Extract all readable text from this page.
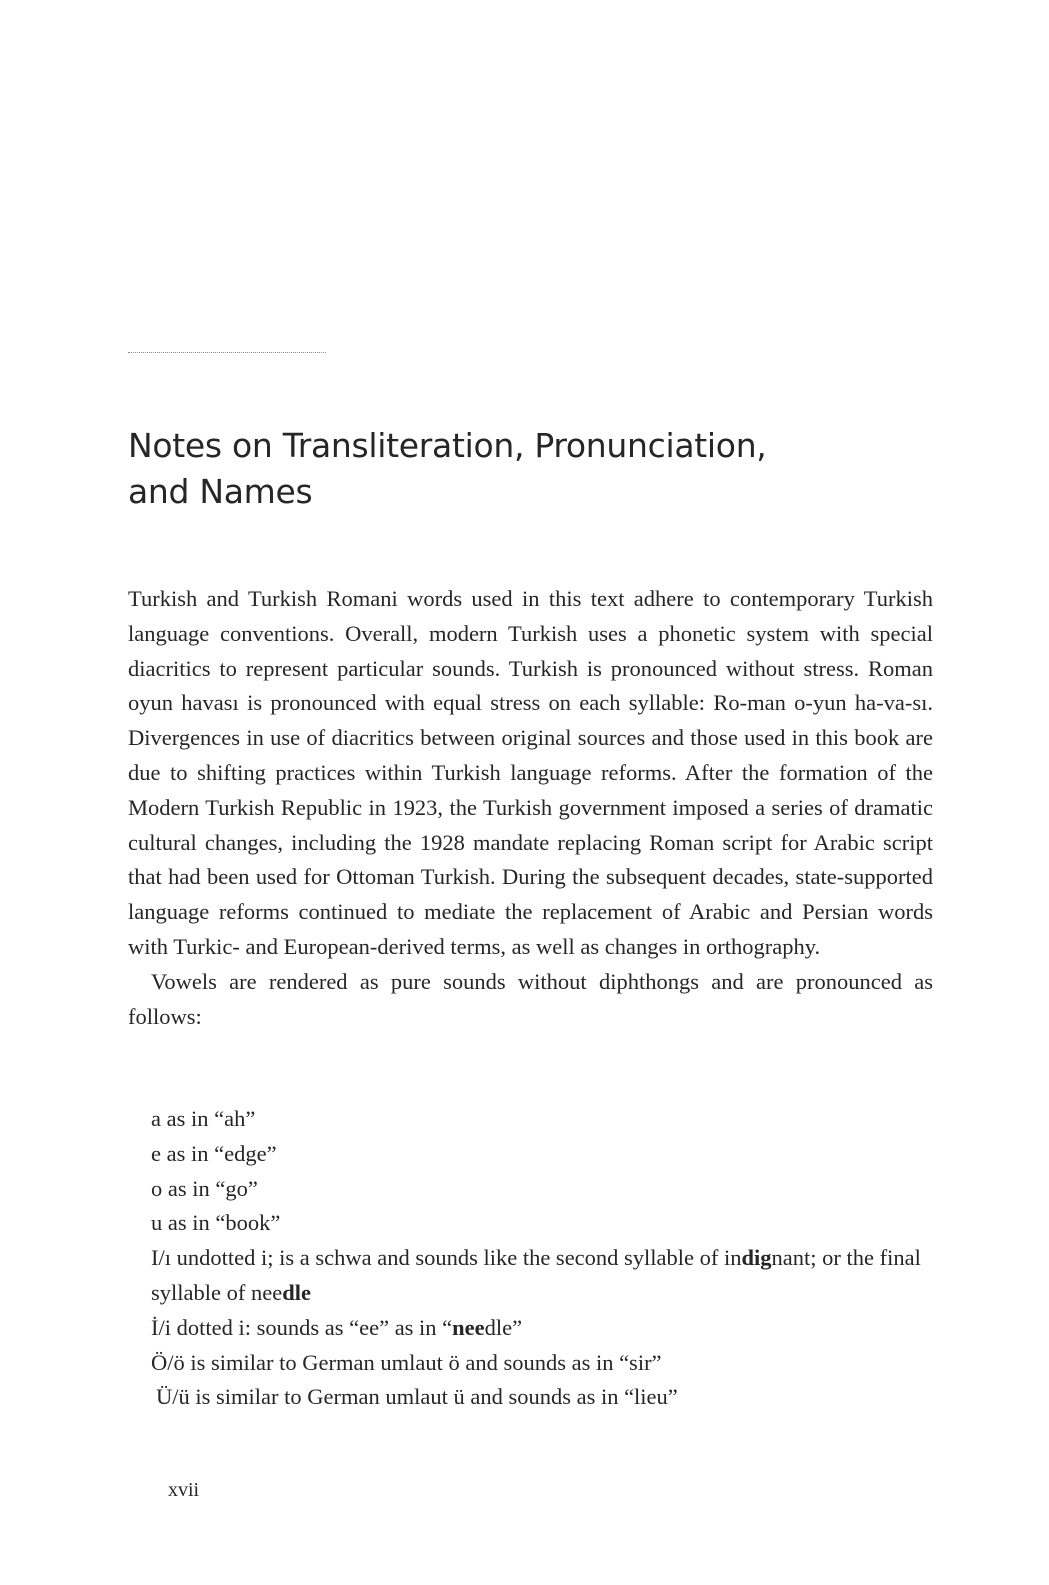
Notes on Transliteration, Pronunciation,
and Names

Turkish and Turkish Romani words used in this text adhere to contemporary Turkish language conventions. Overall, modern Turkish uses a phonetic system with special diacritics to represent particular sounds. Turkish is pronounced without stress. Roman oyun havası is pronounced with equal stress on each syllable: Ro-man o-yun ha-va-sı. Divergences in use of diacritics between original sources and those used in this book are due to shifting practices within Turkish language reforms. After the formation of the Modern Turkish Republic in 1923, the Turkish government imposed a series of dramatic cultural changes, including the 1928 mandate replacing Roman script for Arabic script that had been used for Ottoman Turkish. During the subsequent decades, state-supported language reforms continued to mediate the replacement of Arabic and Persian words with Turkic- and European-derived terms, as well as changes in orthography.

Vowels are rendered as pure sounds without diphthongs and are pronounced as follows:

a as in “ah”
e as in “edge”
o as in “go”
u as in “book”
I/ı undotted i; is a schwa and sounds like the second syllable of indignant; or the final syllable of needle
İ/i dotted i: sounds as “ee” as in “needle”
Ö/ö is similar to German umlaut ö and sounds as in “sir”
Ü/ü is similar to German umlaut ü and sounds as in “lieu”
xvii
